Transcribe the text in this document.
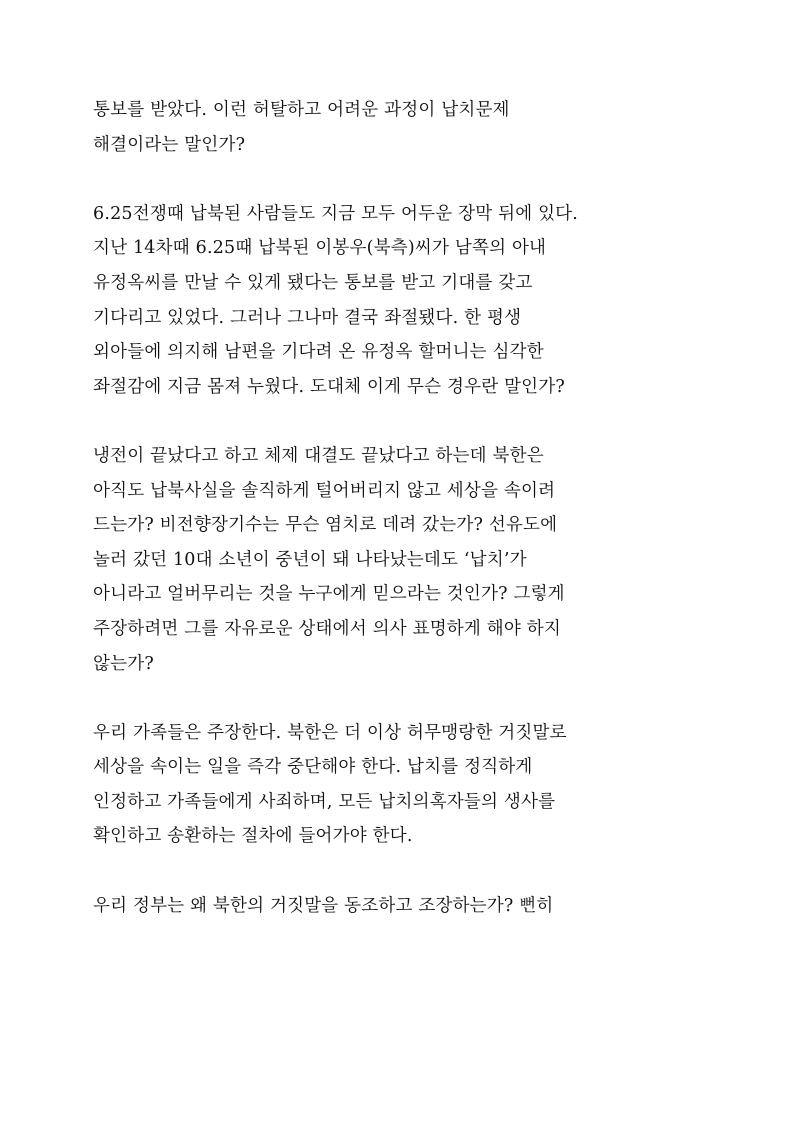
통보를 받았다. 이런 허탈하고 어려운 과정이 납치문제
해결이라는 말인가?
6.25전쟁때 납북된 사람들도 지금 모두 어두운 장막 뒤에 있다.
지난 14차때 6.25때 납북된 이봉우(북측)씨가 남쪽의 아내
유정옥씨를 만날 수 있게 됐다는 통보를 받고 기대를 갖고
기다리고 있었다. 그러나 그나마 결국 좌절됐다. 한 평생
외아들에 의지해 남편을 기다려 온 유정옥 할머니는 심각한
좌절감에 지금 몸져 누웠다. 도대체 이게 무슨 경우란 말인가?
냉전이 끝났다고 하고 체제 대결도 끝났다고 하는데 북한은
아직도 납북사실을 솔직하게 털어버리지 않고 세상을 속이려
드는가? 비전향장기수는 무슨 염치로 데려 갔는가? 선유도에
놀러 갔던 10대 소년이 중년이 돼 나타났는데도 ‘납치’가
아니라고 얼버무리는 것을 누구에게 믿으라는 것인가? 그렇게
주장하려면 그를 자유로운 상태에서 의사 표명하게 해야 하지
않는가?
우리 가족들은 주장한다. 북한은 더 이상 허무맹랑한 거짓말로
세상을 속이는 일을 즉각 중단해야 한다. 납치를 정직하게
인정하고 가족들에게 사죄하며, 모든 납치의혹자들의 생사를
확인하고 송환하는 절차에 들어가야 한다.
우리 정부는 왜 북한의 거짓말을 동조하고 조장하는가? 뻔히
